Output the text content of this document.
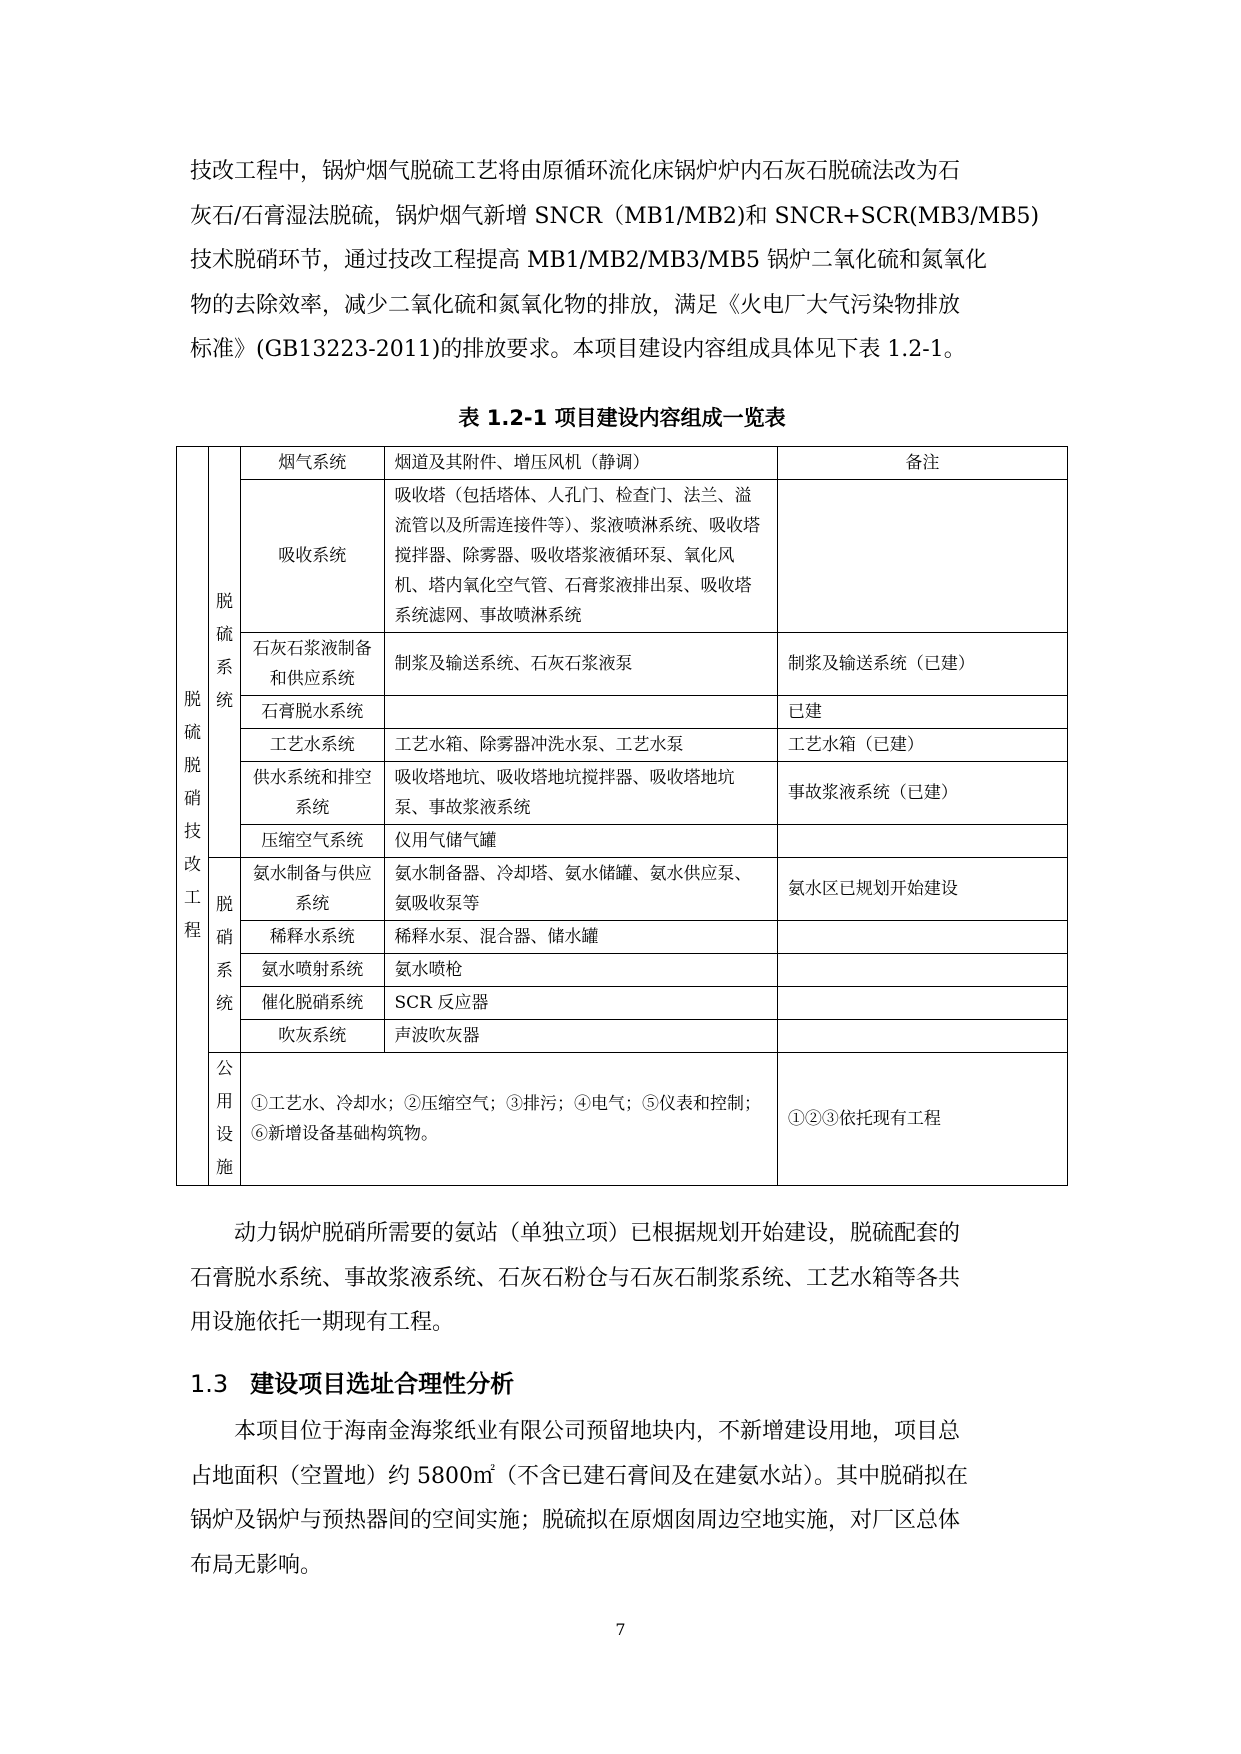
技改工程中，锅炉烟气脱硫工艺将由原循环流化床锅炉炉内石灰石脱硫法改为石
灰石/石膏湿法脱硫，锅炉烟气新增 SNCR（MB1/MB2)和 SNCR+SCR(MB3/MB5)
技术脱硝环节，通过技改工程提高 MB1/MB2/MB3/MB5 锅炉二氧化硫和氮氧化
物的去除效率，减少二氧化硫和氮氧化物的排放，满足《火电厂大气污染物排放
标准》(GB13223-2011)的排放要求。本项目建设内容组成具体见下表 1.2-1。
表 1.2-1 项目建设内容组成一览表
脱硫脱硝技改工程	脱硫系统	烟气系统	烟道及其附件、增压风机（静调）	备注
		吸收系统	吸收塔（包括塔体、人孔门、检查门、法兰、溢流管以及所需连接件等）、浆液喷淋系统、吸收塔搅拌器、除雾器、吸收塔浆液循环泵、氧化风机、塔内氧化空气管、石膏浆液排出泵、吸收塔系统滤网、事故喷淋系统	
		石灰石浆液制备和供应系统	制浆及输送系统、石灰石浆液泵	制浆及输送系统（已建）
		石膏脱水系统		已建
		工艺水系统	工艺水箱、除雾器冲洗水泵、工艺水泵	工艺水箱（已建）
		供水系统和排空系统	吸收塔地坑、吸收塔地坑搅拌器、吸收塔地坑泵、事故浆液系统	事故浆液系统（已建）
		压缩空气系统	仪用气储气罐	
	脱硝系统	氨水制备与供应系统	氨水制备器、冷却塔、氨水储罐、氨水供应泵、氨吸收泵等	氨水区已规划开始建设
		稀释水系统	稀释水泵、混合器、储水罐	
		氨水喷射系统	氨水喷枪	
		催化脱硝系统	SCR 反应器	
		吹灰系统	声波吹灰器	
	公用设施	①工艺水、冷却水；②压缩空气；③排污；④电气；⑤仪表和控制；⑥新增设备基础构筑物。		①②③依托现有工程
动力锅炉脱硝所需要的氨站（单独立项）已根据规划开始建设，脱硫配套的
石膏脱水系统、事故浆液系统、石灰石粉仓与石灰石制浆系统、工艺水箱等各共
用设施依托一期现有工程。
1.3 建设项目选址合理性分析
本项目位于海南金海浆纸业有限公司预留地块内，不新增建设用地，项目总
占地面积（空置地）约 5800㎡（不含已建石膏间及在建氨水站）。其中脱硝拟在
锅炉及锅炉与预热器间的空间实施；脱硫拟在原烟囱周边空地实施，对厂区总体
布局无影响。
7
